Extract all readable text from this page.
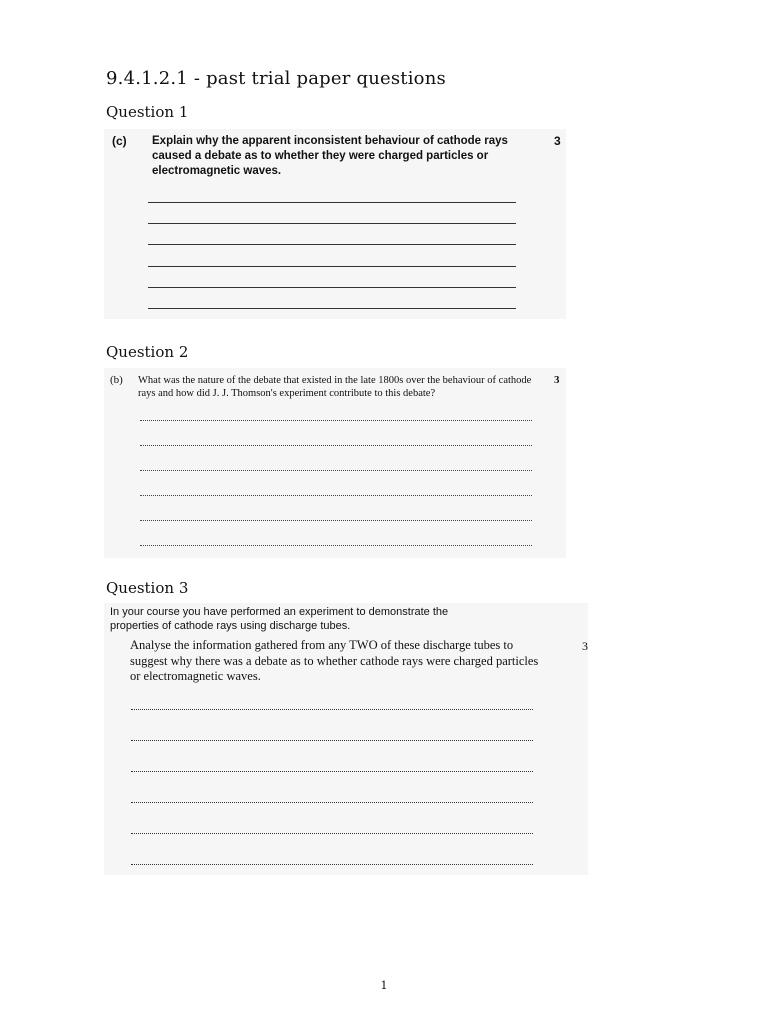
9.4.1.2.1 - past trial paper questions
Question 1
(c) Explain why the apparent inconsistent behaviour of cathode rays caused a debate as to whether they were charged particles or electromagnetic waves.
3
Question 2
(b) What was the nature of the debate that existed in the late 1800s over the behaviour of cathode rays and how did J. J. Thomson's experiment contribute to this debate?
3
Question 3
In your course you have performed an experiment to demonstrate the properties of cathode rays using discharge tubes.
Analyse the information gathered from any TWO of these discharge tubes to suggest why there was a debate as to whether cathode rays were charged particles or electromagnetic waves.
3
1
